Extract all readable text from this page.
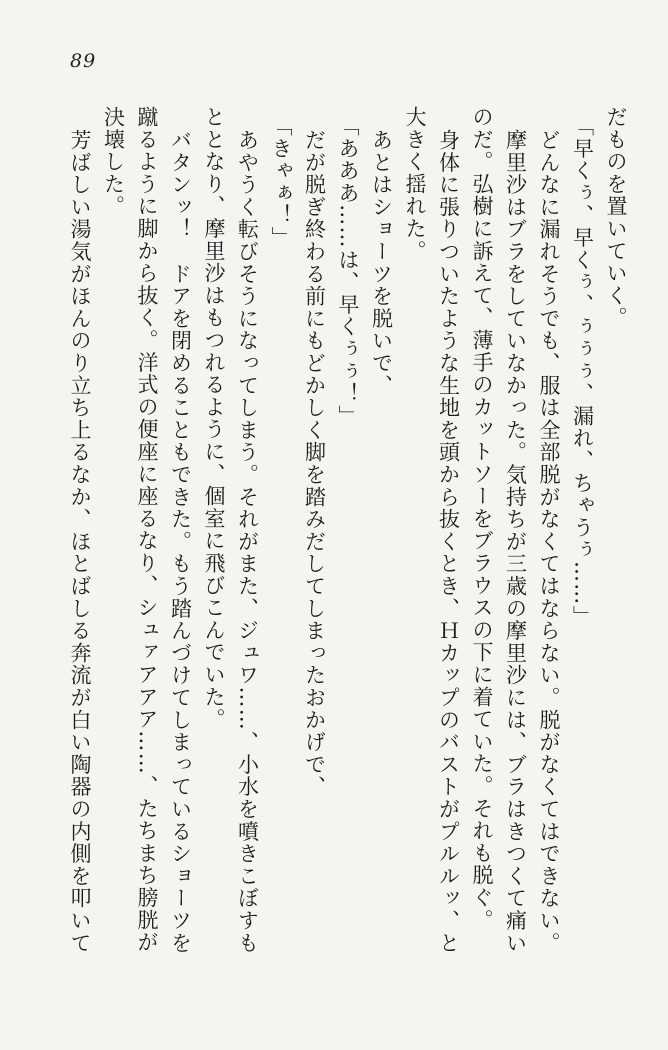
89

だものを置いていく。

「早くぅ、早くぅ、ぅぅぅ、漏れ、ちゃうぅ……」

どんなに漏れそうでも、服は全部脱がなくてはならない。脱がなくてはできない。

摩里沙はブラをしていなかった。気持ちが三歳の摩里沙には、ブラはきつくて痛い

のだ。弘樹に訴えて、薄手のカットソーをブラウスの下に着ていた。それも脱ぐ。

身体に張りついたような生地を頭から抜くとき、Ｈカップのバストがプルルッ、と

大きく揺れた。

あとはショーツを脱いで、

「あああ……は、早くぅぅ！」

だが脱ぎ終わる前にもどかしく脚を踏みだしてしまったおかげで、

「きゃぁ！」

あやうく転びそうになってしまう。それがまた、ジュワ……、小水を噴きこぼすも

ととなり、摩里沙はもつれるように、個室に飛びこんでいた。

バタンッ！　ドアを閉めることもできた。もう踏んづけてしまっているショーツを

蹴るように脚から抜く。洋式の便座に座るなり、シュァアアア……、たちまち膀胱が

決壊した。

芳ばしい湯気がほんのり立ち上るなか、ほとばしる奔流が白い陶器の内側を叩いて
